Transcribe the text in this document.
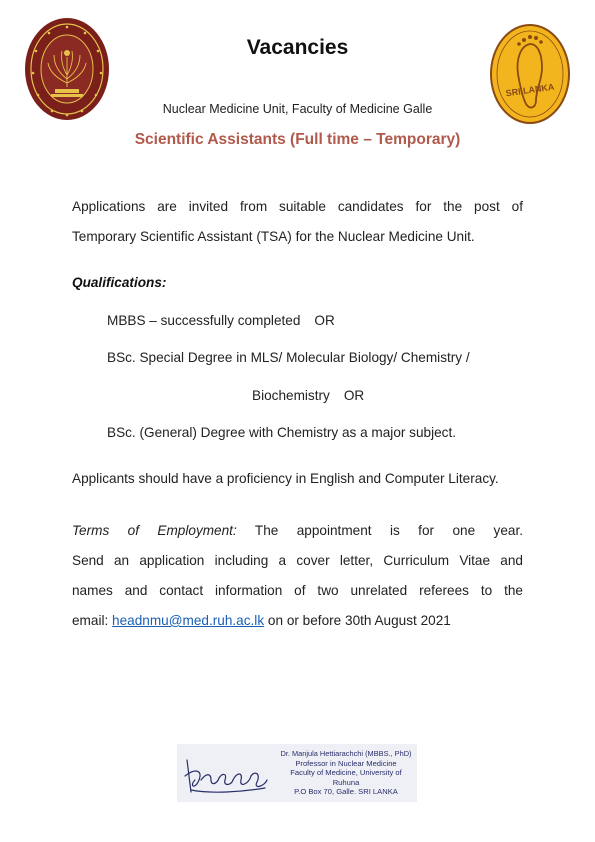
SRI LANKA
Vacancies
Nuclear Medicine Unit, Faculty of Medicine Galle
Scientific Assistants (Full time – Temporary)
Applications are invited from suitable candidates for the post of
Temporary Scientific Assistant (TSA) for the Nuclear Medicine Unit.
Qualifications:
MBBS – successfully completed OR
BSc. Special Degree in MLS/ Molecular Biology/ Chemistry /
Biochemistry OR
BSc. (General) Degree with Chemistry as a major subject.
Applicants should have a proficiency in English and Computer Literacy.
Terms of Employment: The appointment is for one year.
Send an application including a cover letter, Curriculum Vitae and
names and contact information of two unrelated referees to the
email: headnmu@med.ruh.ac.lk on or before 30th August 2021
Dr. Manjula Hettiarachchi (MBBS., PhD)
Professor in Nuclear Medicine
Faculty of Medicine, University of Ruhuna
P.O Box 70, Galle. SRI LANKA
